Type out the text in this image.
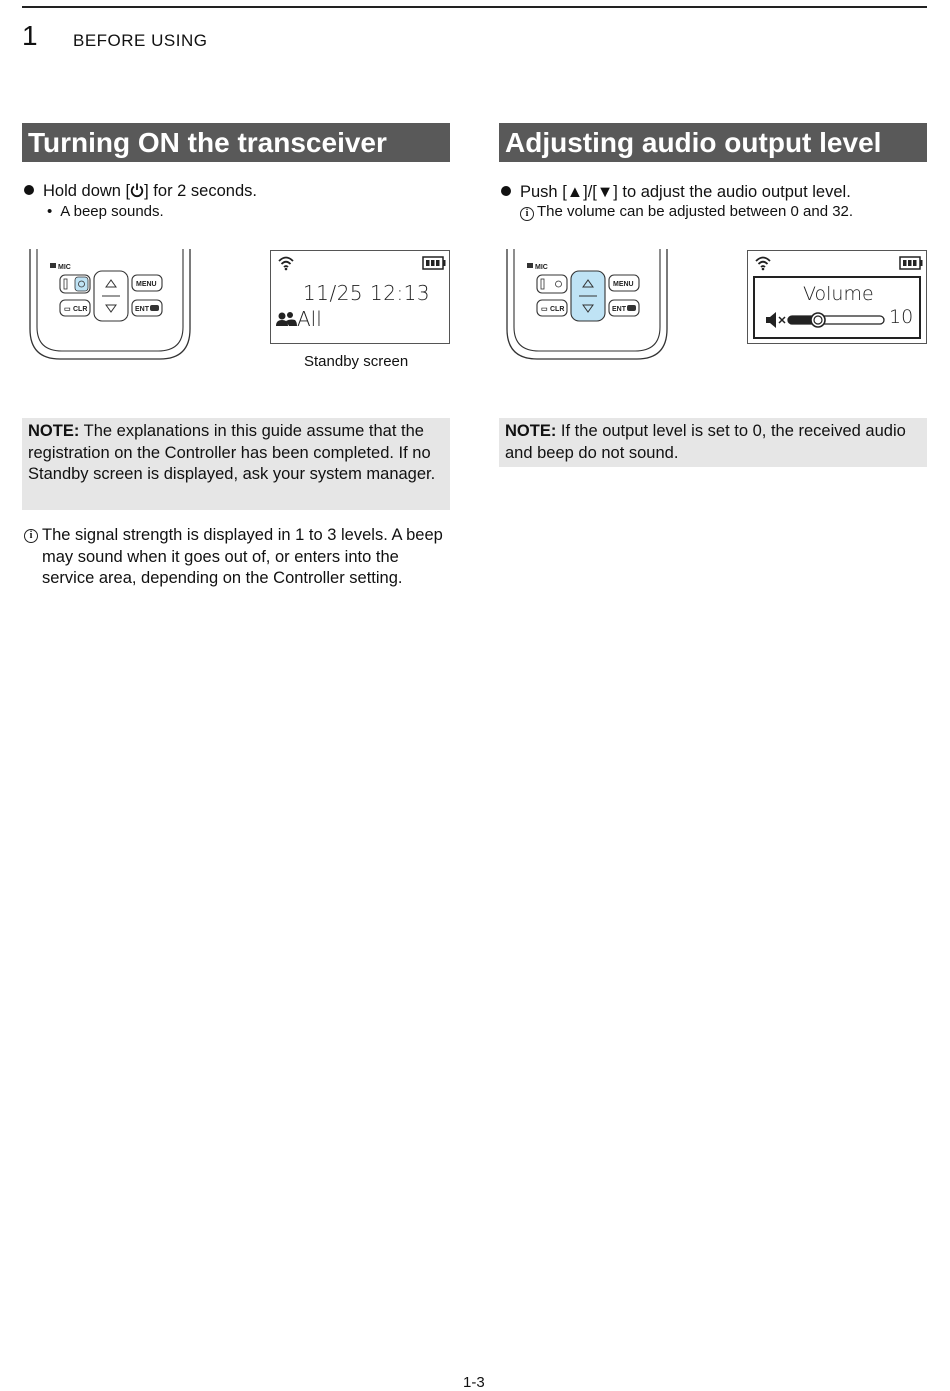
1 BEFORE USING
Turning ON the transceiver
Hold down [ ] for 2 seconds.
• A beep sounds.
MIC
▭ CLR
MENU
ENT
11/25 12:13
All
Standby screen
NOTE: The explanations in this guide assume that the registration on the Controller has been completed. If no Standby screen is displayed, ask your system manager.
i The signal strength is displayed in 1 to 3 levels. A beep may sound when it goes out of, or enters into the service area, depending on the Controller setting.
Adjusting audio output level
Push [▲]/[▼] to adjust the audio output level.
i The volume can be adjusted between 0 and 32.
MIC
▭ CLR
MENU
ENT
Volume
10
NOTE: If the output level is set to 0, the received audio and beep do not sound.
1-3
